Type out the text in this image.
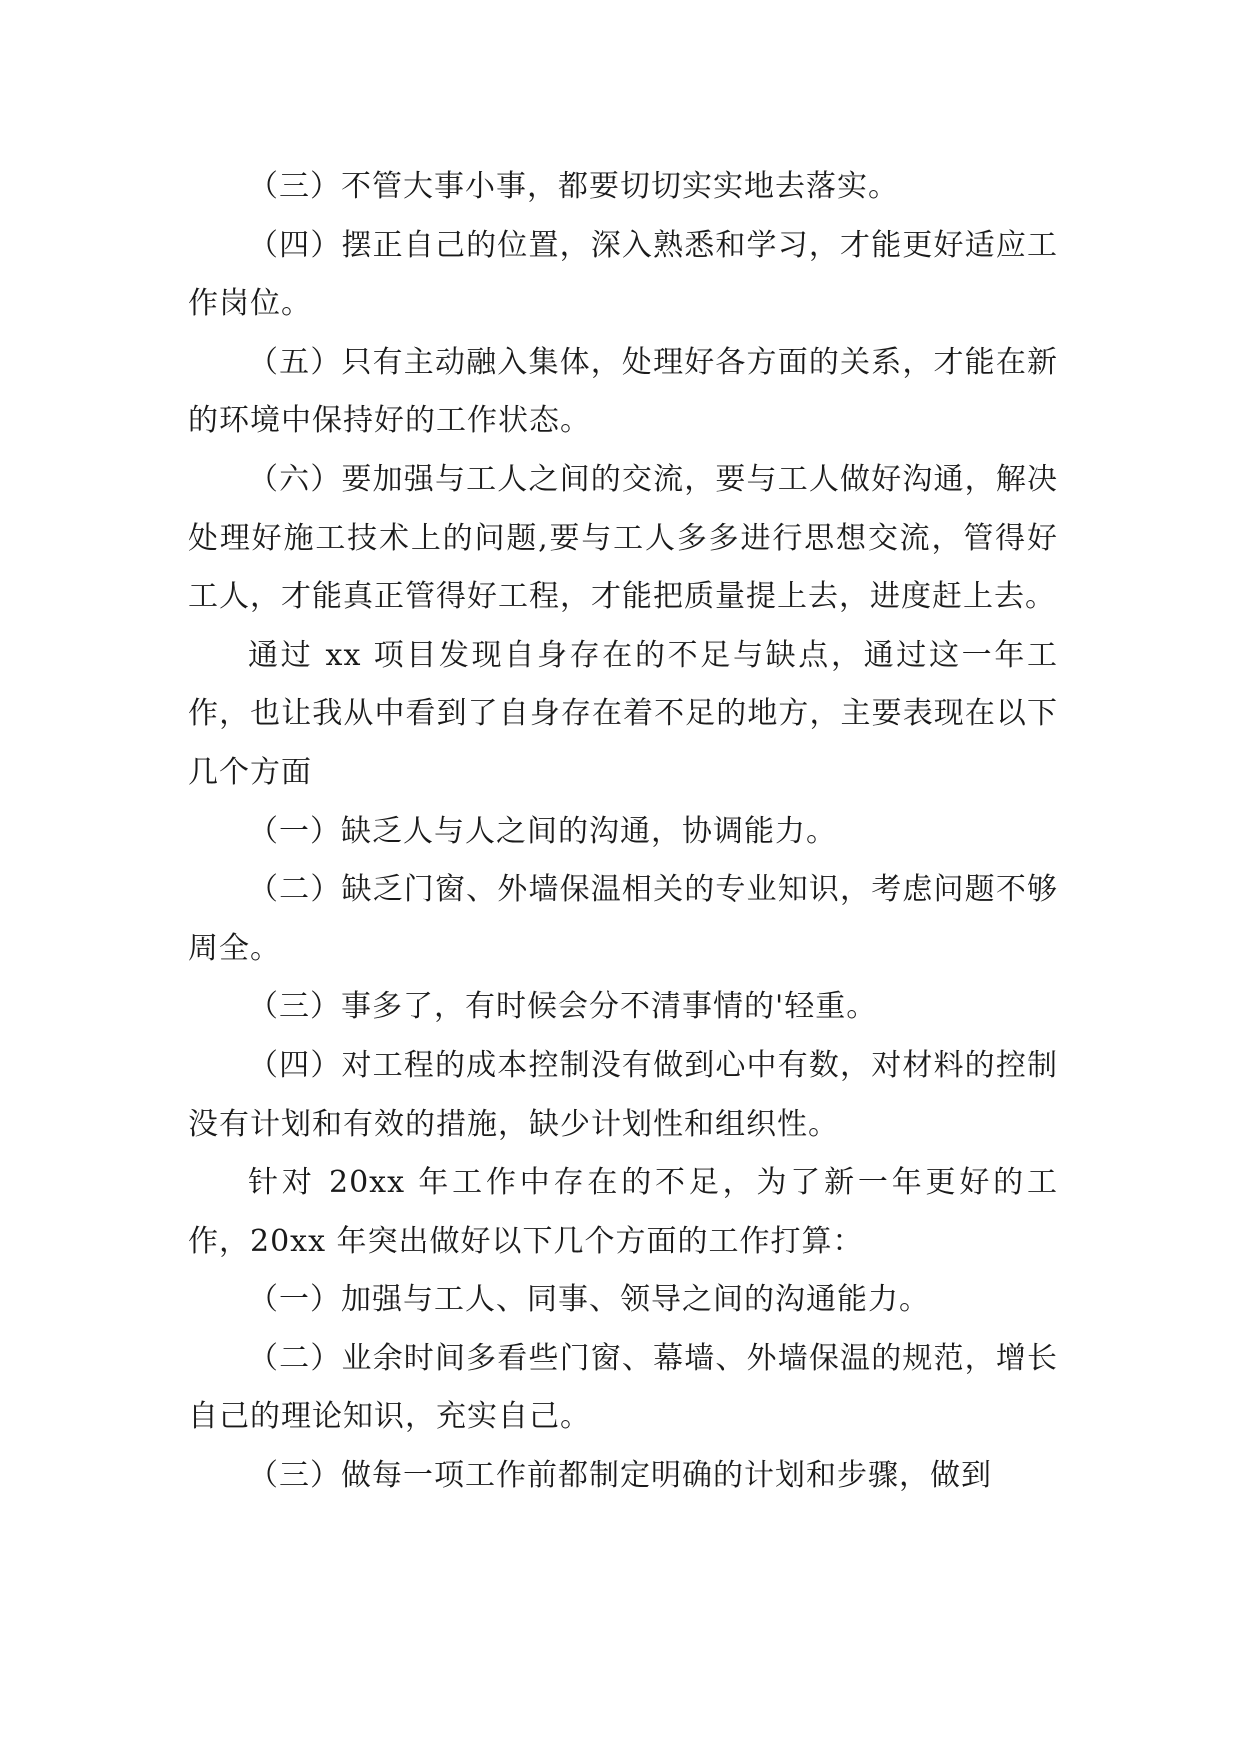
（三）不管大事小事，都要切切实实地去落实。

（四）摆正自己的位置，深入熟悉和学习，才能更好适应工作岗位。

（五）只有主动融入集体，处理好各方面的关系，才能在新的环境中保持好的工作状态。

（六）要加强与工人之间的交流，要与工人做好沟通，解决处理好施工技术上的问题,要与工人多多进行思想交流，管得好工人，才能真正管得好工程，才能把质量提上去，进度赶上去。

通过 xx 项目发现自身存在的不足与缺点，通过这一年工作，也让我从中看到了自身存在着不足的地方，主要表现在以下几个方面

（一）缺乏人与人之间的沟通，协调能力。

（二）缺乏门窗、外墙保温相关的专业知识，考虑问题不够周全。

（三）事多了，有时候会分不清事情的'轻重。

（四）对工程的成本控制没有做到心中有数，对材料的控制没有计划和有效的措施，缺少计划性和组织性。

针对 20xx 年工作中存在的不足，为了新一年更好的工作，20xx 年突出做好以下几个方面的工作打算：

（一）加强与工人、同事、领导之间的沟通能力。

（二）业余时间多看些门窗、幕墙、外墙保温的规范，增长自己的理论知识，充实自己。

（三）做每一项工作前都制定明确的计划和步骤，做到
